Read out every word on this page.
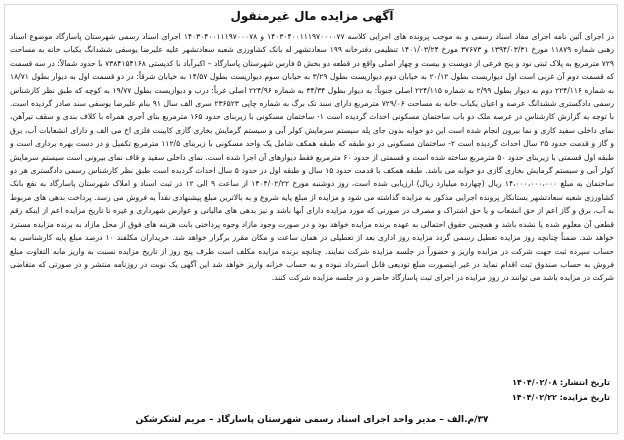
آگهی مزایده مال غیرمنقول
در اجرای آئین نامه اجرای مفاد اسناد رسمی و به موجب پرونده های اجرایی کلاسه ۱۴۰۳۰۴۰۰۱۱۱۹۷۰۰۰۰۷۷ و ۱۴۰۳۰۴۰۰۱۱۱۹۷۰۰۰۷۸ اجرای اسناد رسمی شهرستان پاسارگاد موضوع اسناد رهنی شماره ۱۱۸۷۹ مورخ ۱۳۹۴/۰۳/۳۱ و ۳۷۶۷۳ مورخ ۱۴۰۱/۰۳/۲۴ تنظیمی دفترخانه ۱۹۹ سعادتشهر له بانک کشاورزی شعبه سعادتشهر علیه علیرضا یوسفی ششدانگ یکباب خانه به مساحت ۷۲۹ مترمربع به پلاک ثبتی نود و پنج فرعی از دویست و بیست و چهار اصلی واقع در قطعه دو بخش ۵ فارس شهرستان پاسارگاد – اکبرآباد با کدپستی ۷۳۸۴۱۵۴۱۶۸ با حدود شمالاً: در سه قسمت که قسمت دوم آن غربی است اول دیواریست بطول ۲۰/۱۲ به خیابان دوم دیواریست بطول ۳/۲۹ به خیابان سوم دیواریست بطول ۱۴/۵۷ به خیابان شرقاً: در دو قسمت اول به دیوار بطول ۱۸/۷۱ به شماره ۲۲۴/۱۱۶ دوم به دیوار بطول ۲/۹۹ به شماره ۲۲۴/۱۱۵ اصلی جنوباً: به دیوار بطول ۳۴/۳۴ به شماره ۲۲۴/۹۶ اصلی غرباً: درب و دیواریست بطول ۱۹/۷۷ به کوچه که طبق نظر کارشناس رسمی دادگستری ششدانگ عرصه و اعیان یکباب خانه به مساحت ۷۲۹/۰۶ مترمربع دارای سند تک برگ به شماره چاپی ۲۳۶۵۲۳ سری الف سال ۹۱ بنام علیرضا یوسفی سند صادر گردیده است. با توجه به گزارش کارشناس در عرصه ملک دو باب ساختمان مسکونی احداث گردیده است ۱- ساختمان مسکونی با زیربنای حدود ۱۶۵ مترمربع بنای آجری همراه با کلاف بندی و سقف تیرآهن، نمای داخلی سفید کاری و نما بیرون انجام شده است این دو خوابه بدون جای پله سیستم سرمایش کولر آبی و سیستم گرمایش بخاری گازی کابینت فلزی اخ می الف و دارای انشعابات آب، برق و گاز و قدمت حدود ۲۵ سال احداث گردیده است ۲- ساختمان مسکونی در دو طبقه که طبقه همکف شامل یک واحد مسکونی با زیربنای ۱۱۲/۵ مترمربع تکمیل و در دست بهره برداری است و طبقه اول قسمتی با زیربنای حدود ۵۰ مترمربع ساخته شده است و قسمتی از حدود ۶۰ مترمربع فقط دیوارهای آن اجرا شده است. نمای داخلی سفید و قاف نمای بیرونی است سیستم سرمایش کولر آبی و سیستم گرمایش بخاری گازی دو خوابه می باشد. طبقه همکف با قدمت حدود ۱۵ سال و طبقه اول در حدود ۵ سال احداث گردیده است طبق نظر کارشناس رسمی دادگستری هر دو ساختمان به مبلغ ۱۴،۰۰۰،۰۰۰،۰۰۰ ریال (چهارده میلیارد ریال) ارزیابی شده است، روز دوشنبه مورخ ۱۴۰۴/۰۲/۲۲ از ساعت ۹ الی ۱۲ در ثبت اسناد و املاک شهرستان پاسارگاد به نفع بانک کشاورزی شعبه سعادتشهر بستانکار پرونده اجرایی مذکور به مزایده گذاشته می شود و مزایده از مبلغ پایه شروع و به بالاترین مبلغ پیشنهادی نقداً به فروش می رسد. پرداخت بدهی های مربوط به آب، برق و گاز اعم از حق انشعاب و یا حق اشتراک و مصرف در صورتی که مورد مزایده دارای آنها باشد و نیز بدهی های مالیاتی و عوارض شهرداری و غیره تا تاریخ مزایده اعم از اینکه رقم قطعی آن معلوم شده یا نشده باشد و همچنین حقوق احتمالی به عهده برنده مزایده خواهد بود و در صورت وجود مازاد وجوه پرداختی بابت هزینه های فوق از محل مازاد به برنده مزایده مسترد خواهد شد. ضمناً چنانچه روز مزایده تعطیل رسمی گردد مزایده روز اداری بعد از تعطیلی در همان ساعت و مکان مقرر برگزار خواهد شد. خریداران مکلفند ۱۰ درصد مبلغ پایه کارشناسی به حساب سپرده ثبت جهت شرکت در مزایده واریز و حضوراً در جلسه مزایده شرکت نمایند. چنانچه برنده مزایده مکلف است ظرف پنج روز از تاریخ مزایده نسبت به واریز مابه التفاوت مبلغ فروش به حساب صندوق ثبت اقدام نماید در غیر اینصورت مبلغ تودیعی قابل استرداد نبوده و به حساب خزانه واریز خواهد شد این آگهی یک نوبت در روزنامه منتشر و در صورتی که متقاضی شرکت در مزایده باشد می توانند در روز مزایده در اجرای ثبت پاسارگاد حاضر و در جلسه مزایده شرکت کنند.
تاریخ انتشار: ۱۴۰۴/۰۲/۰۸
تاریخ مزایده: ۱۴۰۴/۰۲/۲۲
۳۷/م.الف – مدیر واحد اجرای اسناد رسمی شهرستان پاسارگاد – مریم لشکرشکن
